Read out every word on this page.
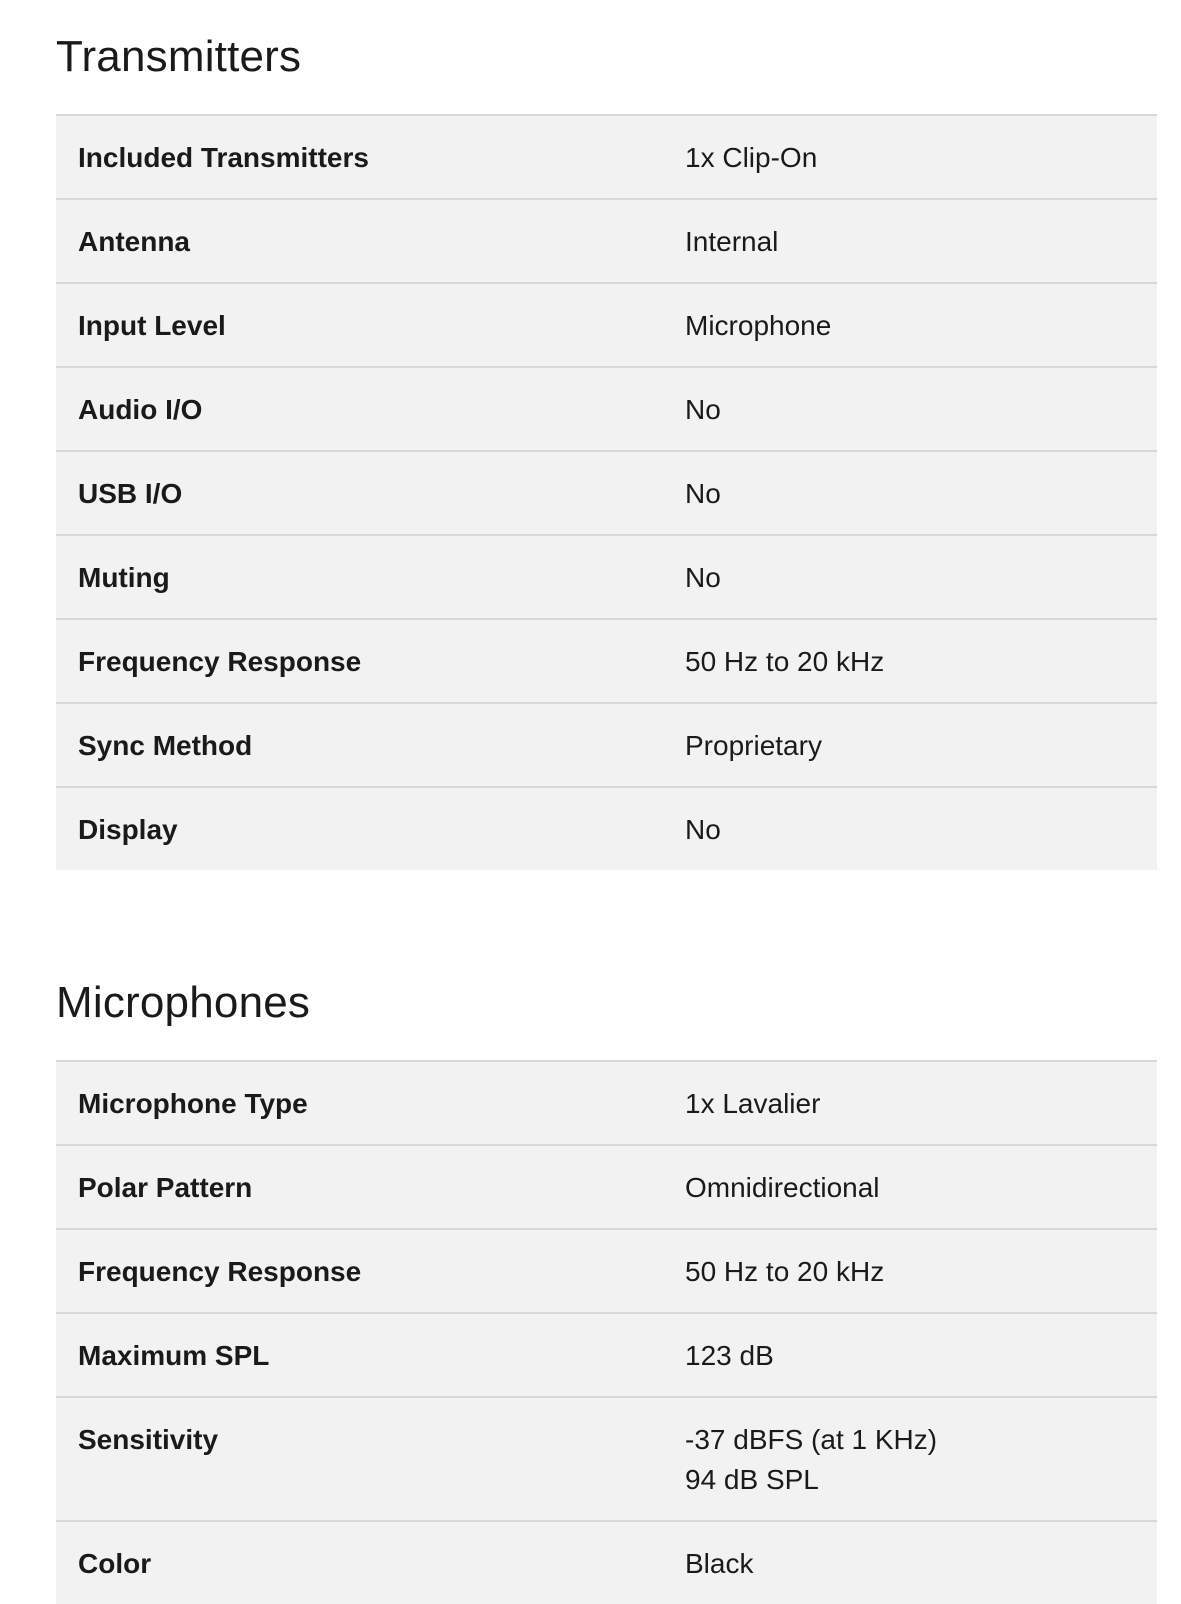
Transmitters
Included Transmitters	1x Clip-On
Antenna	Internal
Input Level	Microphone
Audio I/O	No
USB I/O	No
Muting	No
Frequency Response	50 Hz to 20 kHz
Sync Method	Proprietary
Display	No
Microphones
Microphone Type	1x Lavalier
Polar Pattern	Omnidirectional
Frequency Response	50 Hz to 20 kHz
Maximum SPL	123 dB
Sensitivity	-37 dBFS (at 1 KHz)
94 dB SPL
Color	Black
